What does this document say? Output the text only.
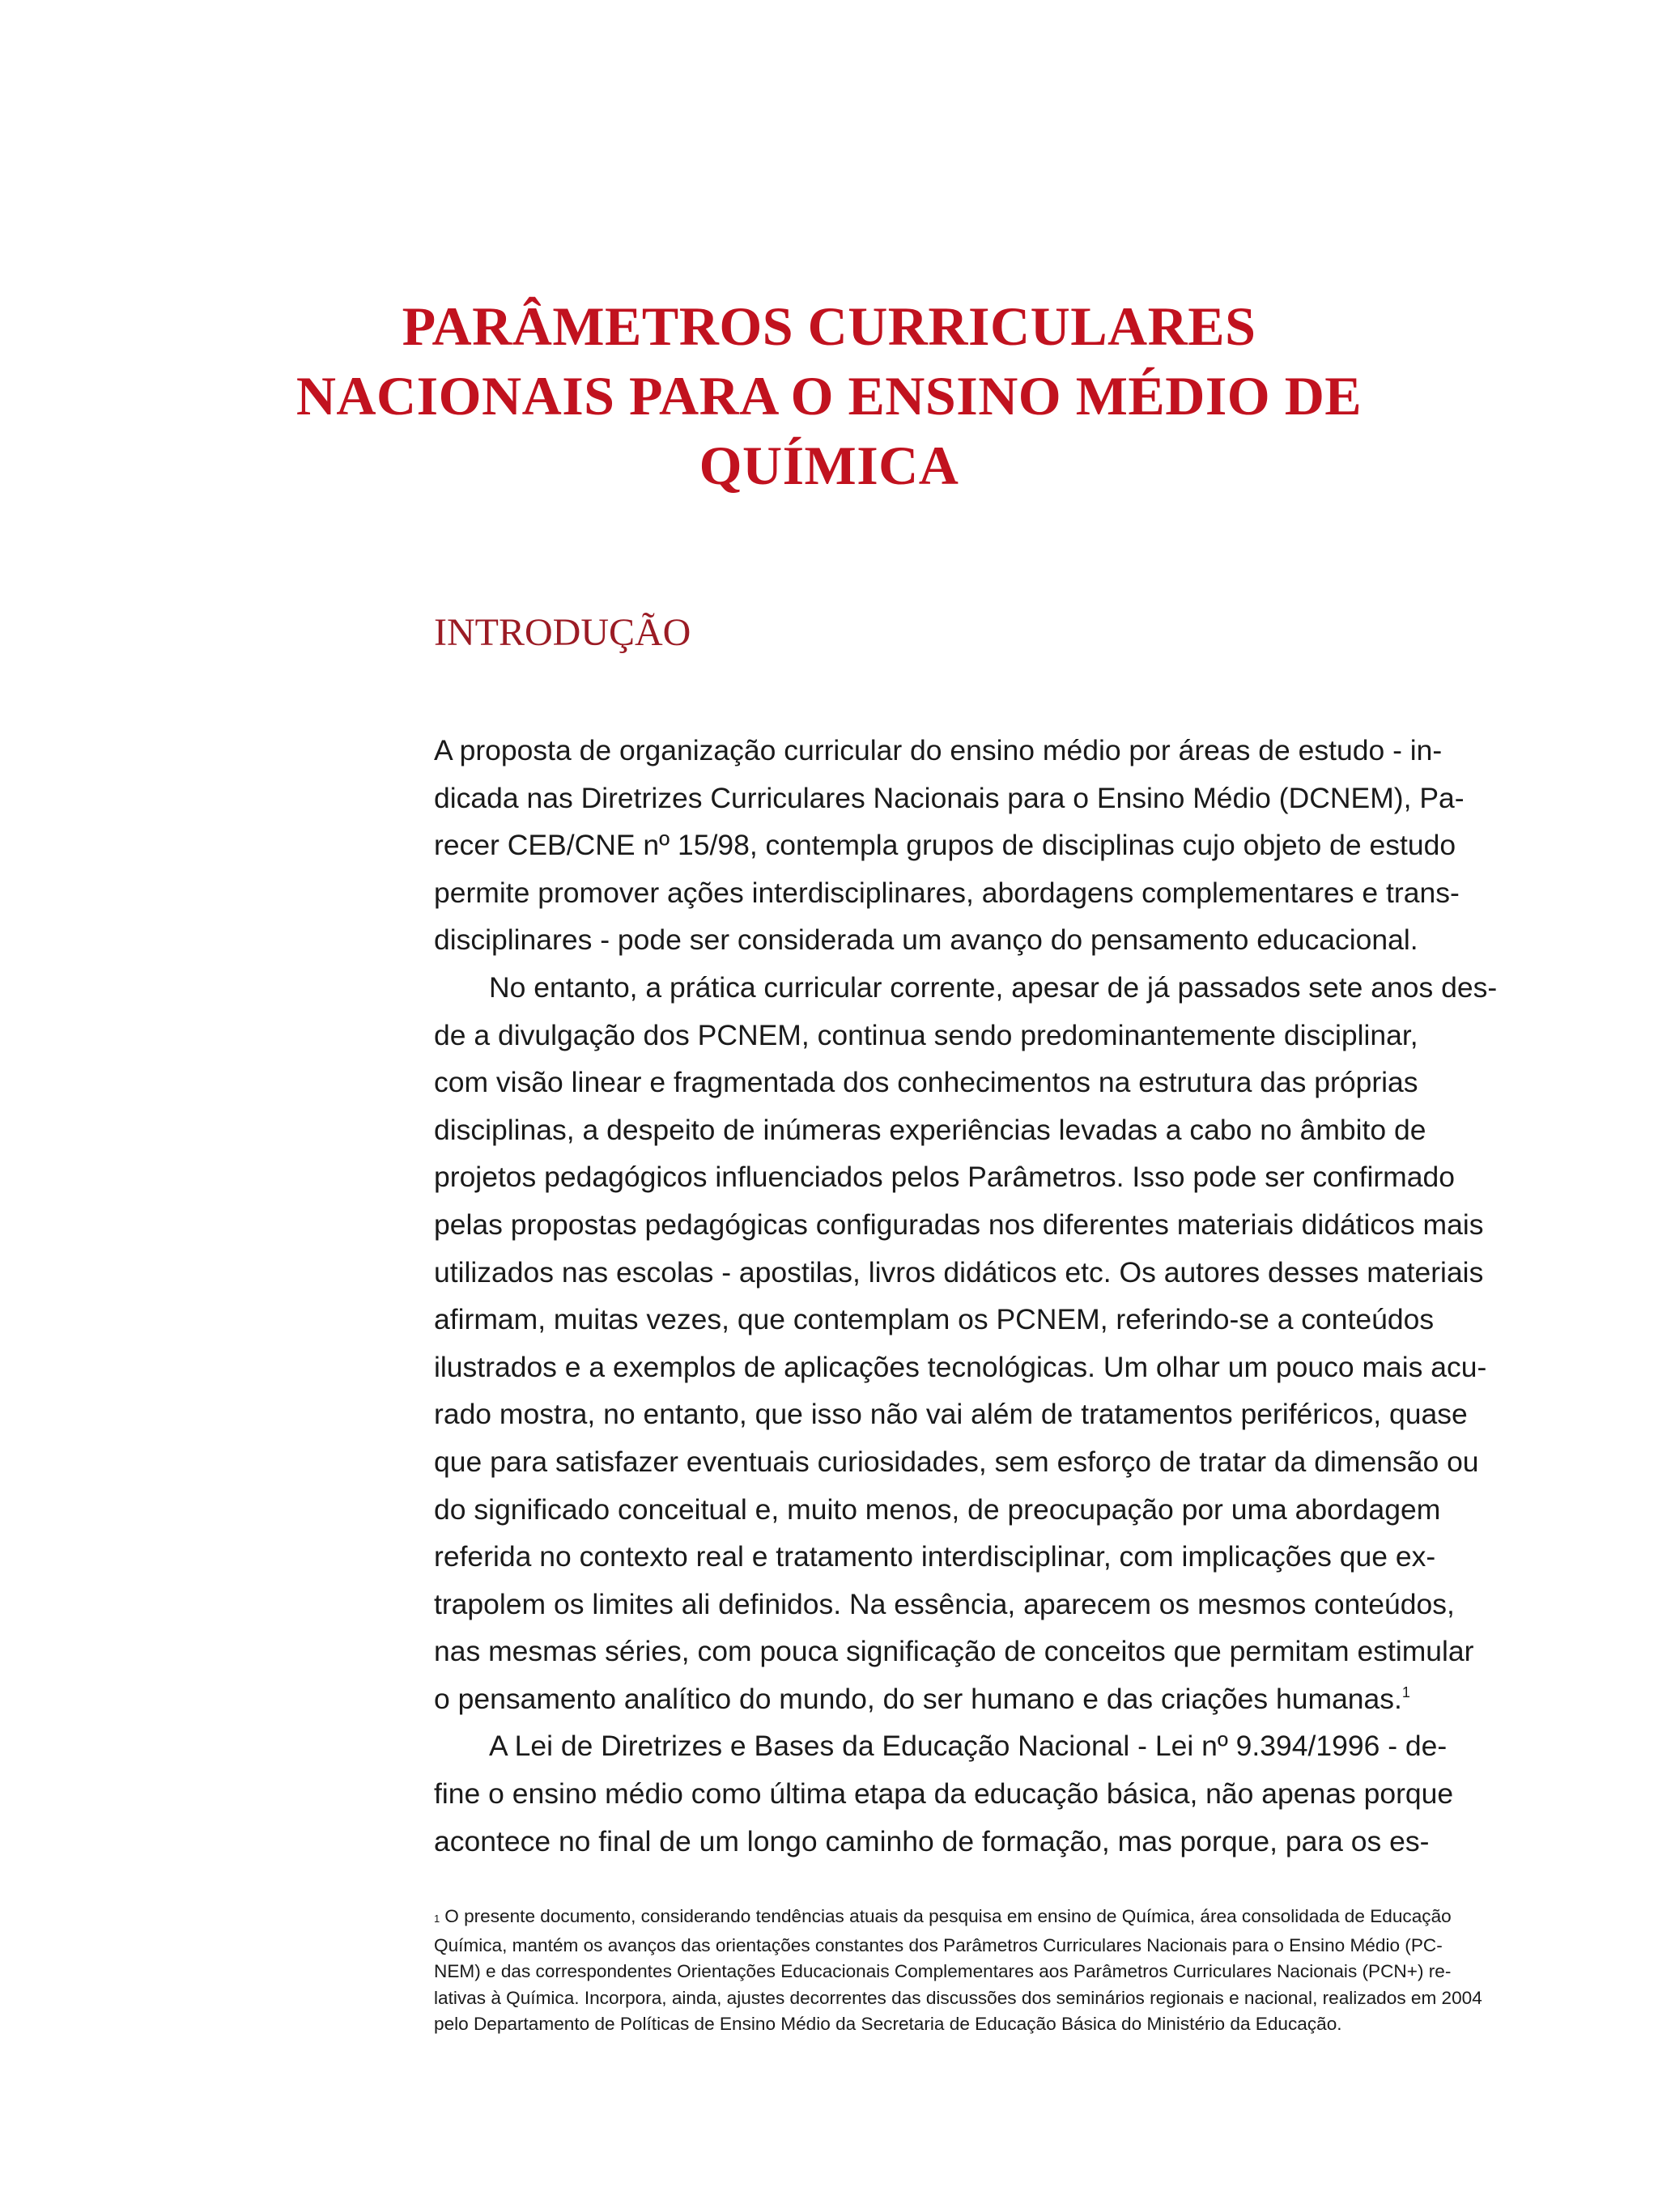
PARÂMETROS CURRICULARES
NACIONAIS PARA O ENSINO MÉDIO DE
QUÍMICA
INTRODUÇÃO
A proposta de organização curricular do ensino médio por áreas de estudo - in-
dicada nas Diretrizes Curriculares Nacionais para o Ensino Médio (DCNEM), Pa-
recer CEB/CNE nº 15/98, contempla grupos de disciplinas cujo objeto de estudo
permite promover ações interdisciplinares, abordagens complementares e trans-
disciplinares - pode ser considerada um avanço do pensamento educacional.
No entanto, a prática curricular corrente, apesar de já passados sete anos des-
de a divulgação dos PCNEM, continua sendo predominantemente disciplinar,
com visão linear e fragmentada dos conhecimentos na estrutura das próprias
disciplinas, a despeito de inúmeras experiências levadas a cabo no âmbito de
projetos pedagógicos influenciados pelos Parâmetros. Isso pode ser confirmado
pelas propostas pedagógicas configuradas nos diferentes materiais didáticos mais
utilizados nas escolas - apostilas, livros didáticos etc. Os autores desses materiais
afirmam, muitas vezes, que contemplam os PCNEM, referindo-se a conteúdos
ilustrados e a exemplos de aplicações tecnológicas. Um olhar um pouco mais acu-
rado mostra, no entanto, que isso não vai além de tratamentos periféricos, quase
que para satisfazer eventuais curiosidades, sem esforço de tratar da dimensão ou
do significado conceitual e, muito menos, de preocupação por uma abordagem
referida no contexto real e tratamento interdisciplinar, com implicações que ex-
trapolem os limites ali definidos. Na essência, aparecem os mesmos conteúdos,
nas mesmas séries, com pouca significação de conceitos que permitam estimular
o pensamento analítico do mundo, do ser humano e das criações humanas.$^1$
A Lei de Diretrizes e Bases da Educação Nacional - Lei nº 9.394/1996 - de-
fine o ensino médio como última etapa da educação básica, não apenas porque
acontece no final de um longo caminho de formação, mas porque, para os es-
1 O presente documento, considerando tendências atuais da pesquisa em ensino de Química, área consolidada de Educação
Química, mantém os avanços das orientações constantes dos Parâmetros Curriculares Nacionais para o Ensino Médio (PC-
NEM) e das correspondentes Orientações Educacionais Complementares aos Parâmetros Curriculares Nacionais (PCN+) re-
lativas à Química. Incorpora, ainda, ajustes decorrentes das discussões dos seminários regionais e nacional, realizados em 2004
pelo Departamento de Políticas de Ensino Médio da Secretaria de Educação Básica do Ministério da Educação.
